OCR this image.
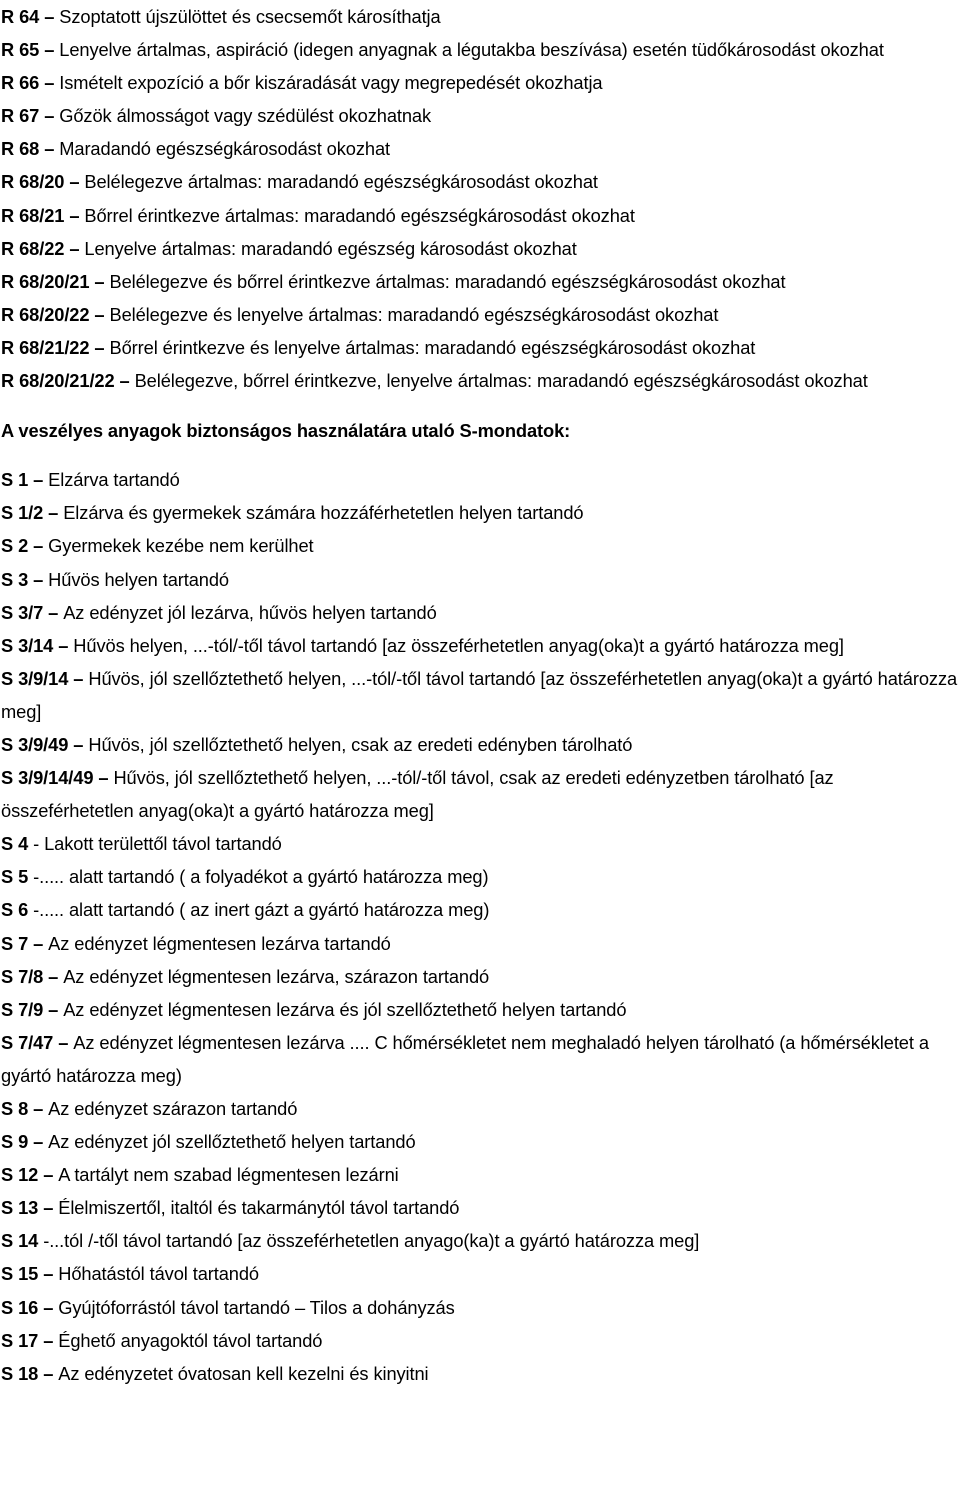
R 64 – Szoptatott újszülöttet és csecsemőt károsíthatja

R 65 – Lenyelve ártalmas, aspiráció (idegen anyagnak a légutakba beszívása) esetén tüdőkárosodást okozhat

R 66 – Ismételt expozíció a bőr kiszáradását vagy megrepedését okozhatja

R 67 – Gőzök álmosságot vagy szédülést okozhatnak

R 68 – Maradandó egészségkárosodást okozhat

R 68/20 – Belélegezve ártalmas: maradandó egészségkárosodást okozhat

R 68/21 – Bőrrel érintkezve ártalmas: maradandó egészségkárosodást okozhat

R 68/22 – Lenyelve ártalmas: maradandó egészség károsodást okozhat

R 68/20/21 – Belélegezve és bőrrel érintkezve ártalmas: maradandó egészségkárosodást okozhat

R 68/20/22 – Belélegezve és lenyelve ártalmas: maradandó egészségkárosodást okozhat

R 68/21/22 – Bőrrel érintkezve és lenyelve ártalmas: maradandó egészségkárosodást okozhat

R 68/20/21/22 – Belélegezve, bőrrel érintkezve, lenyelve ártalmas: maradandó egészségkárosodást okozhat

A veszélyes anyagok biztonságos használatára utaló S-mondatok:

S 1 – Elzárva tartandó

S 1/2 – Elzárva és gyermekek számára hozzáférhetetlen helyen tartandó

S 2 – Gyermekek kezébe nem kerülhet

S 3 – Hűvös helyen tartandó

S 3/7 – Az edényzet jól lezárva, hűvös helyen tartandó

S 3/14 – Hűvös helyen, ...-tól/-től távol tartandó [az összeférhetetlen anyag(oka)t a gyártó határozza meg]

S 3/9/14 – Hűvös, jól szellőztethető helyen, ...-tól/-től távol tartandó [az összeférhetetlen anyag(oka)t a gyártó határozza meg]

S 3/9/49 – Hűvös, jól szellőztethető helyen, csak az eredeti edényben tárolható

S 3/9/14/49 – Hűvös, jól szellőztethető helyen, ...-tól/-től távol, csak az eredeti edényzetben tárolható [az összeférhetetlen anyag(oka)t a gyártó határozza meg]

S 4 - Lakott területtől távol tartandó

S 5 -..... alatt tartandó ( a folyadékot a gyártó határozza meg)

S 6 -..... alatt tartandó ( az inert gázt a gyártó határozza meg)

S 7 – Az edényzet légmentesen lezárva tartandó

S 7/8 – Az edényzet légmentesen lezárva, szárazon tartandó

S 7/9 – Az edényzet légmentesen lezárva és jól szellőztethető helyen tartandó

S 7/47 – Az edényzet légmentesen lezárva .... C hőmérsékletet nem meghaladó helyen tárolható (a hőmérsékletet a gyártó határozza meg)

S 8 – Az edényzet szárazon tartandó

S 9 – Az edényzet jól szellőztethető helyen tartandó

S 12 – A tartályt nem szabad légmentesen lezárni

S 13 – Élelmiszertől, italtól és takarmánytól távol tartandó

S 14 -...tól /-től távol tartandó [az összeférhetetlen anyago(ka)t a gyártó határozza meg]

S 15 – Hőhatástól távol tartandó

S 16 – Gyújtóforrástól távol tartandó – Tilos a dohányzás

S 17 – Éghető anyagoktól távol tartandó

S 18 – Az edényzetet óvatosan kell kezelni és kinyitni
